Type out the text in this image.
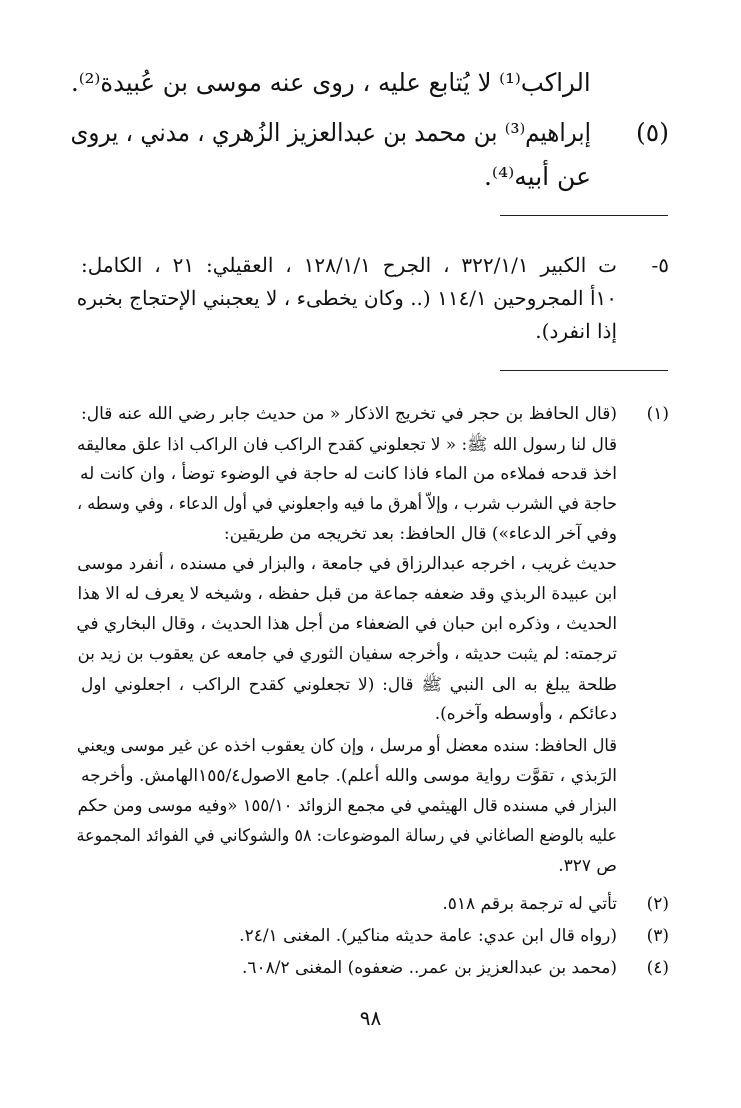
الراكب⁽¹⁾ لا يُتابع عليه ، روى عنه موسى بن عُبيدة⁽²⁾.
(٥)
إبراهيم⁽³⁾ بن محمد بن عبدالعزيز الزُهري ، مدني ، يروى
عن أبيه⁽⁴⁾.
٥-
ت الكبير ٣٢٢/١/١ ، الجرح ١٢٨/١/١ ، العقيلي: ٢١ ، الكامل:
١٠أ المجروحين ١١٤/١ (.. وكان يخطىء ، لا يعجبني الإحتجاج بخبره
إذا انفرد).
(١)
(قال الحافظ بن حجر في تخريج الاذكار « من حديث جابر رضي الله عنه قال:
قال لنا رسول الله ﷺ: « لا تجعلوني كقدح الراكب فان الراكب اذا علق معاليقه
اخذ قدحه فملاءه من الماء فاذا كانت له حاجة في الوضوء توضأ ، وان كانت له
حاجة في الشرب شرب ، وإلاّ أهرق ما فيه واجعلوني في أول الدعاء ، وفي وسطه ،
وفي آخر الدعاء») قال الحافظ: بعد تخريجه من طريقين:
حديث غريب ، اخرجه عبدالرزاق في جامعة ، والبزار في مسنده ، أنفرد موسى
ابن عبيدة الربذي وقد ضعفه جماعة من قبل حفظه ، وشيخه لا يعرف له الا هذا
الحديث ، وذكره ابن حبان في الضعفاء من أجل هذا الحديث ، وقال البخاري في
ترجمته: لم يثبت حديثه ، وأخرجه سفيان الثوري في جامعه عن يعقوب بن زيد بن
طلحة يبلغ به الى النبي ﷺ قال: (لا تجعلوني كقدح الراكب ، اجعلوني اول
دعائكم ، وأوسطه وآخره).
قال الحافظ: سنده معضل أو مرسل ، وإن كان يعقوب اخذه عن غير موسى ويعني
الرَبذي ، تقوَّت رواية موسى والله أعلم). جامع الاصول١٥٥/٤الهامش. وأخرجه
البزار في مسنده قال الهيثمي في مجمع الزوائد ١٥٥/١٠ «وفيه موسى ومن حكم
عليه بالوضع الصاغاني في رسالة الموضوعات: ٥٨ والشوكاني في الفوائد المجموعة
ص ٣٢٧.
(٢)
تأتي له ترجمة برقم ٥١٨.
(٣)
(رواه قال ابن عدي: عامة حديثه مناكير). المغنى ٢٤/١.
(٤)
(محمد بن عبدالعزيز بن عمر.. ضعفوه) المغنى ٦٠٨/٢.
٩٨
